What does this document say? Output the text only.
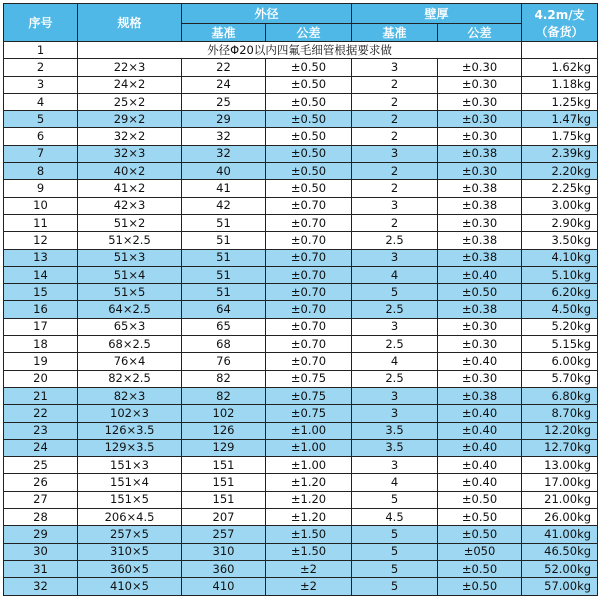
序号	规格	外径		壁厚		4.2m/支
（备货）

		基准	公差	基准	公差	
1	外径Φ20以内四氟毛细管根据要求做					
2	22×3	22	±0.50	3	±0.30	1.62kg
3	24×2	24	±0.50	2	±0.30	1.18kg
4	25×2	25	±0.50	2	±0.30	1.25kg
5	29×2	29	±0.50	2	±0.30	1.47kg
6	32×2	32	±0.50	2	±0.30	1.75kg
7	32×3	32	±0.50	3	±0.38	2.39kg
8	40×2	40	±0.50	2	±0.30	2.20kg
9	41×2	41	±0.50	2	±0.38	2.25kg
10	42×3	42	±0.70	3	±0.38	3.00kg
11	51×2	51	±0.70	2	±0.30	2.90kg
12	51×2.5	51	±0.70	2.5	±0.38	3.50kg
13	51×3	51	±0.70	3	±0.38	4.10kg
14	51×4	51	±0.70	4	±0.40	5.10kg
15	51×5	51	±0.70	5	±0.50	6.20kg
16	64×2.5	64	±0.70	2.5	±0.38	4.50kg
17	65×3	65	±0.70	3	±0.30	5.20kg
18	68×2.5	68	±0.70	2.5	±0.30	5.15kg
19	76×4	76	±0.70	4	±0.40	6.00kg
20	82×2.5	82	±0.75	2.5	±0.30	5.70kg
21	82×3	82	±0.75	3	±0.38	6.80kg
22	102×3	102	±0.75	3	±0.40	8.70kg
23	126×3.5	126	±1.00	3.5	±0.40	12.20kg
24	129×3.5	129	±1.00	3.5	±0.40	12.70kg
25	151×3	151	±1.00	3	±0.40	13.00kg
26	151×4	151	±1.20	4	±0.40	17.00kg
27	151×5	151	±1.20	5	±0.50	21.00kg
28	206×4.5	207	±1.20	4.5	±0.50	26.00kg
29	257×5	257	±1.50	5	±0.50	41.00kg
30	310×5	310	±1.50	5	±050	46.50kg
31	360×5	360	±2	5	±0.50	52.00kg
32	410×5	410	±2	5	±0.50	57.00kg
